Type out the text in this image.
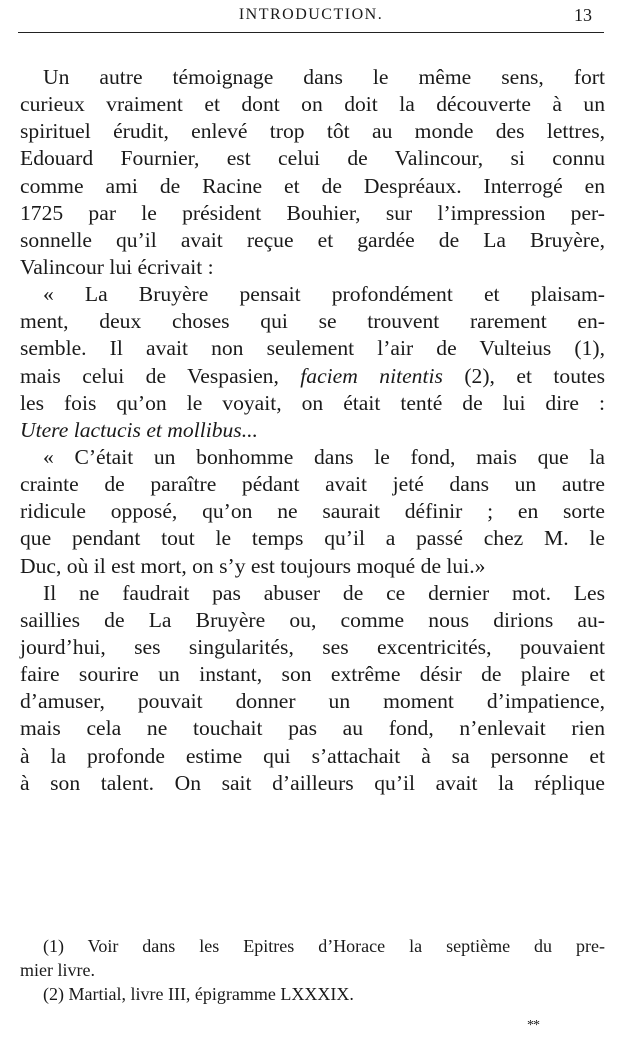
INTRODUCTION.	13
Un autre témoignage dans le même sens, fort
curieux vraiment et dont on doit la découverte à un
spirituel érudit, enlevé trop tôt au monde des lettres,
Edouard Fournier, est celui de Valincour, si connu
comme ami de Racine et de Despréaux. Interrogé en
1725 par le président Bouhier, sur l’impression per-
sonnelle qu’il avait reçue et gardée de La Bruyère,
Valincour lui écrivait :
« La Bruyère pensait profondément et plaisam-
ment, deux choses qui se trouvent rarement en-
semble. Il avait non seulement l’air de Vulteius (1),
mais celui de Vespasien, faciem nitentis (2), et toutes
les fois qu’on le voyait, on était tenté de lui dire :
Utere lactucis et mollibus...
« C’était un bonhomme dans le fond, mais que la
crainte de paraître pédant avait jeté dans un autre
ridicule opposé, qu’on ne saurait définir ; en sorte
que pendant tout le temps qu’il a passé chez M. le
Duc, où il est mort, on s’y est toujours moqué de lui.»
Il ne faudrait pas abuser de ce dernier mot. Les
saillies de La Bruyère ou, comme nous dirions au-
jourd’hui, ses singularités, ses excentricités, pouvaient
faire sourire un instant, son extrême désir de plaire et
d’amuser, pouvait donner un moment d’impatience,
mais cela ne touchait pas au fond, n’enlevait rien
à la profonde estime qui s’attachait à sa personne et
à son talent. On sait d’ailleurs qu’il avait la réplique
(1) Voir dans les Epitres d’Horace la septième du pre-
mier livre.
(2) Martial, livre III, épigramme LXXXIX.
**
